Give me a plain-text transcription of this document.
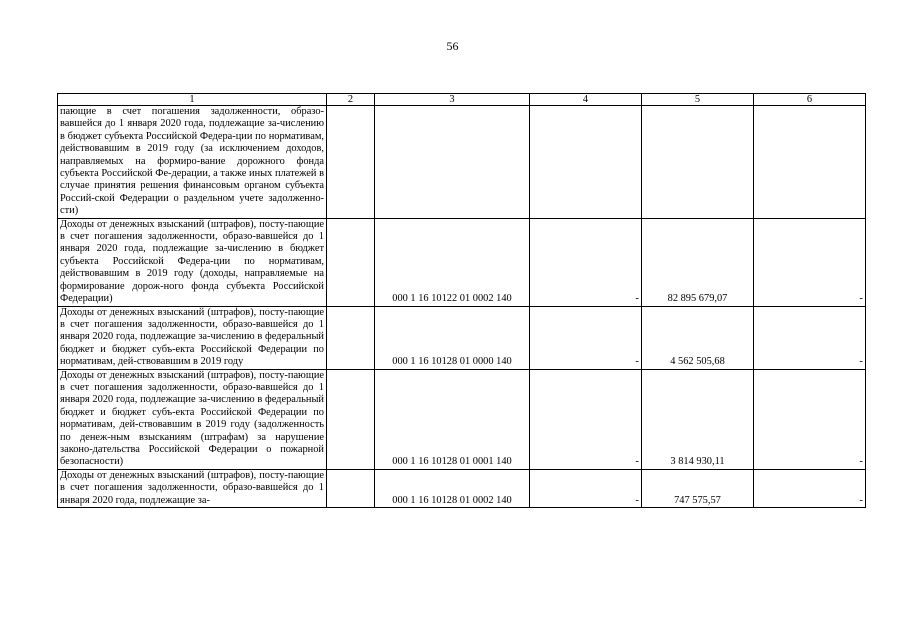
56
1	2	3	4	5	6
пающие в счет погашения задолженности, образо-вавшейся до 1 января 2020 года, подлежащие за-числению в бюджет субъекта Российской Федера-ции по нормативам, действовавшим в 2019 году (за исключением доходов, направляемых на формиро-вание дорожного фонда субъекта Российской Фе-дерации, а также иных платежей в случае принятия решения финансовым органом субъекта Россий-ской Федерации о раздельном учете задолженно-сти)					
Доходы от денежных взысканий (штрафов), посту-пающие в счет погашения задолженности, образо-вавшейся до 1 января 2020 года, подлежащие за-числению в бюджет субъекта Российской Федера-ции по нормативам, действовавшим в 2019 году (доходы, направляемые на формирование дорож-ного фонда субъекта Российской Федерации)		000 1 16 10122 01 0002 140	-	82 895 679,07	-
Доходы от денежных взысканий (штрафов), посту-пающие в счет погашения задолженности, образо-вавшейся до 1 января 2020 года, подлежащие за-числению в федеральный бюджет и бюджет субъ-екта Российской Федерации по нормативам, дей-ствовавшим в 2019 году		000 1 16 10128 01 0000 140	-	4 562 505,68	-
Доходы от денежных взысканий (штрафов), посту-пающие в счет погашения задолженности, образо-вавшейся до 1 января 2020 года, подлежащие за-числению в федеральный бюджет и бюджет субъ-екта Российской Федерации по нормативам, дей-ствовавшим в 2019 году (задолженность по денеж-ным взысканиям (штрафам) за нарушение законо-дательства Российской Федерации о пожарной безопасности)		000 1 16 10128 01 0001 140	-	3 814 930,11	-
Доходы от денежных взысканий (штрафов), посту-пающие в счет погашения задолженности, образо-вавшейся до 1 января 2020 года, подлежащие за-		000 1 16 10128 01 0002 140	-	747 575,57	-
